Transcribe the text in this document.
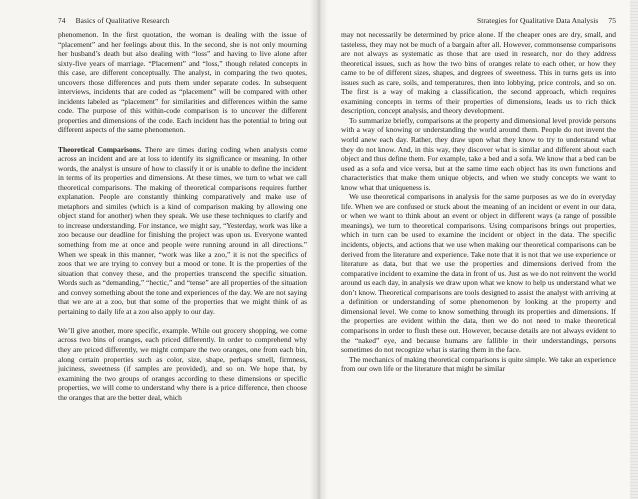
74 Basics of Qualitative Research

phenomenon. In the first quotation, the woman is dealing with the issue of “placement” and her feelings about this. In the second, she is not only mourning her husband’s death but also dealing with “loss” and having to live alone after sixty-five years of marriage. “Placement” and “loss,” though related concepts in this case, are different conceptually. The analyst, in comparing the two quotes, uncovers those differences and puts them under separate codes. In subsequent interviews, incidents that are coded as “placement” will be compared with other incidents labeled as “placement” for similarities and differences within the same code. The purpose of this within-code comparison is to uncover the different properties and dimensions of the code. Each incident has the potential to bring out different aspects of the same phenomenon.

Theoretical Comparisons. There are times during coding when analysts come across an incident and are at loss to identify its significance or meaning. In other words, the analyst is unsure of how to classify it or is unable to define the incident in terms of its properties and dimensions. At these times, we turn to what we call theoretical comparisons. The making of theoretical comparisons requires further explanation. People are constantly thinking comparatively and make use of metaphors and similes (which is a kind of comparison making by allowing one object stand for another) when they speak. We use these techniques to clarify and to increase understanding. For instance, we might say, “Yesterday, work was like a zoo because our deadline for finishing the project was upon us. Everyone wanted something from me at once and people were running around in all directions.” When we speak in this manner, “work was like a zoo,” it is not the specifics of zoos that we are trying to convey but a mood or tone. It is the properties of the situation that convey these, and the properties transcend the specific situation. Words such as “demanding,” “hectic,” and “tense” are all properties of the situation and convey something about the tone and experiences of the day. We are not saying that we are at a zoo, but that some of the properties that we might think of as pertaining to daily life at a zoo also apply to our day.

We’ll give another, more specific, example. While out grocery shopping, we come across two bins of oranges, each priced differently. In order to comprehend why they are priced differently, we might compare the two oranges, one from each bin, along certain properties such as color, size, shape, perhaps smell, firmness, juiciness, sweetness (if samples are provided), and so on. We hope that, by examining the two groups of oranges according to these dimensions or specific properties, we will come to understand why there is a price difference, then choose the oranges that are the better deal, which

Strategies for Qualitative Data Analysis 75

may not necessarily be determined by price alone. If the cheaper ones are dry, small, and tasteless, they may not be much of a bargain after all. However, commonsense comparisons are not always as systematic as those that are used in research, nor do they address theoretical issues, such as how the two bins of oranges relate to each other, or how they came to be of different sizes, shapes, and degrees of sweetness. This in turns gets us into issues such as care, soils, and temperatures, then into lobbying, price controls, and so on. The first is a way of making a classification, the second approach, which requires examining concepts in terms of their properties of dimensions, leads us to rich thick description, concept analysis, and theory development.

To summarize briefly, comparisons at the property and dimensional level provide persons with a way of knowing or understanding the world around them. People do not invent the world anew each day. Rather, they draw upon what they know to try to understand what they do not know. And, in this way, they discover what is similar and different about each object and thus define them. For example, take a bed and a sofa. We know that a bed can be used as a sofa and vice versa, but at the same time each object has its own functions and characteristics that make them unique objects, and when we study concepts we want to know what that uniqueness is.

We use theoretical comparisons in analysis for the same purposes as we do in everyday life. When we are confused or stuck about the meaning of an incident or event in our data, or when we want to think about an event or object in different ways (a range of possible meanings), we turn to theoretical comparisons. Using comparisons brings out properties, which in turn can be used to examine the incident or object in the data. The specific incidents, objects, and actions that we use when making our theoretical comparisons can be derived from the literature and experience. Take note that it is not that we use experience or literature as data, but that we use the properties and dimensions derived from the comparative incident to examine the data in front of us. Just as we do not reinvent the world around us each day, in analysis we draw upon what we know to help us understand what we don’t know. Theoretical comparisons are tools designed to assist the analyst with arriving at a definition or understanding of some phenomenon by looking at the property and dimensional level. We come to know something through its properties and dimensions. If the properties are evident within the data, then we do not need to make theoretical comparisons in order to flush these out. However, because details are not always evident to the “naked” eye, and because humans are fallible in their understandings, persons sometimes do not recognize what is staring them in the face.

The mechanics of making theoretical comparisons is quite simple. We take an experience from our own life or the literature that might be similar
